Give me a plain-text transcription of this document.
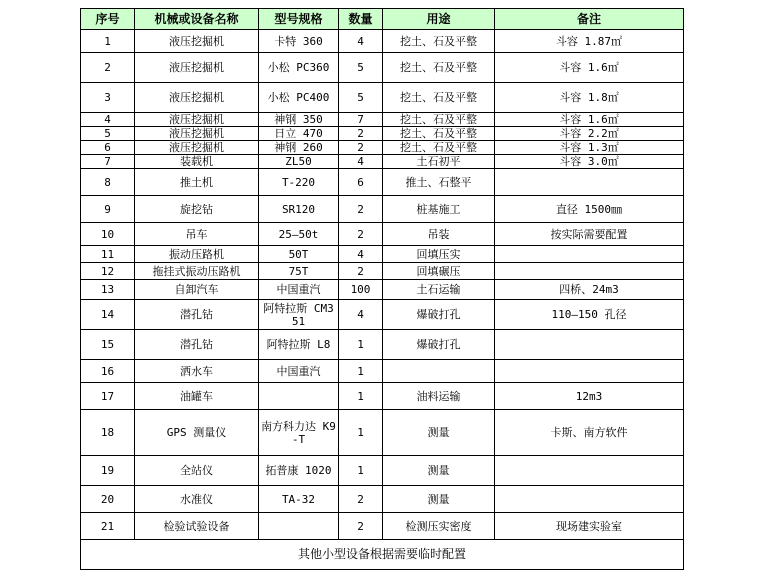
序号	机械或设备名称	型号规格	数量	用途	备注
1	液压挖掘机	卡特 360	4	挖土、石及平整	斗容 1.87㎡
2	液压挖掘机	小松 PC360	5	挖土、石及平整	斗容 1.6㎡
3	液压挖掘机	小松 PC400	5	挖土、石及平整	斗容 1.8㎡
4	液压挖掘机	神钢 350	7	挖土、石及平整	斗容 1.6㎡
5	液压挖掘机	日立 470	2	挖土、石及平整	斗容 2.2㎡
6	液压挖掘机	神钢 260	2	挖土、石及平整	斗容 1.3㎡
7	装载机	ZL50	4	土石初平	斗容 3.0㎡
8	推土机	T-220	6	推土、石整平	
9	旋挖钻	SR120	2	桩基施工	直径 1500㎜
10	吊车	25—50t	2	吊装	按实际需要配置
11	振动压路机	50T	4	回填压实	
12	拖挂式振动压路机	75T	2	回填碾压	
13	自卸汽车	中国重汽	100	土石运输	四桥、24m3
14	潜孔钻	阿特拉斯 CM351	4	爆破打孔	110—150 孔径
15	潜孔钻	阿特拉斯 L8	1	爆破打孔	
16	洒水车	中国重汽	1		
17	油罐车		1	油料运输	12m3
18	GPS 测量仪	南方科力达 K9-T	1	测量	卡斯、南方软件
19	全站仪	拓普康 1020	1	测量	
20	水准仪	TA-32	2	测量	
21	检验试验设备		2	检测压实密度	现场建实验室
其他小型设备根据需要临时配置					
